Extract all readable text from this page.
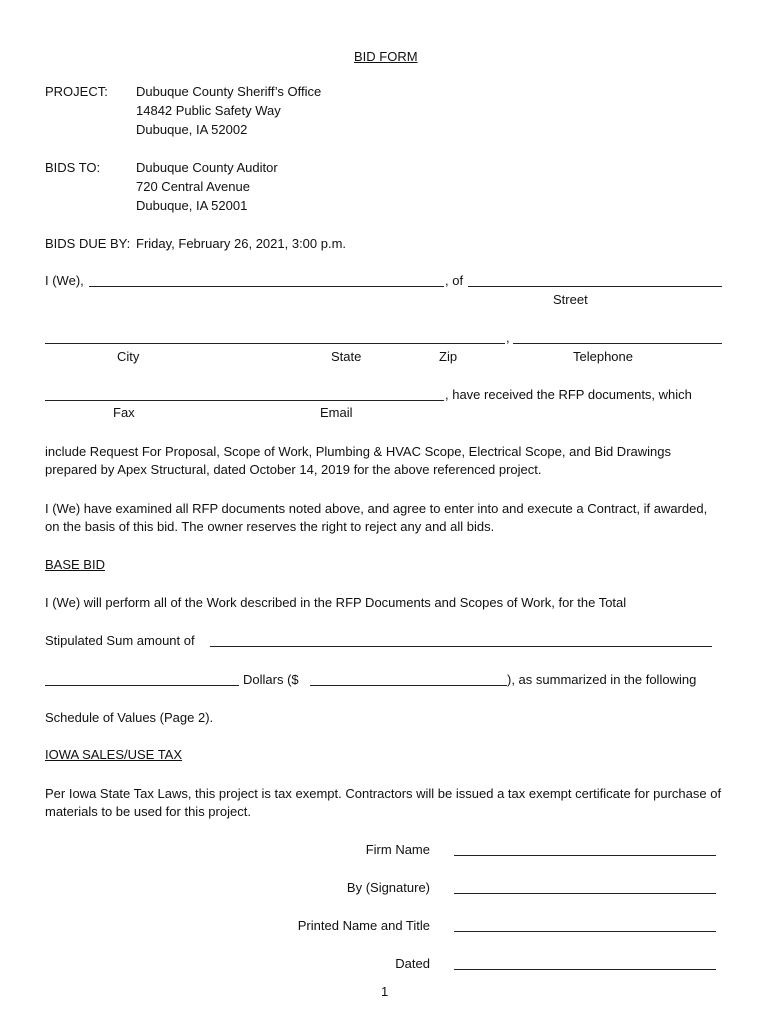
BID FORM
PROJECT: Dubuque County Sheriff’s Office
14842 Public Safety Way
Dubuque, IA 52002
BIDS TO:	Dubuque County Auditor
720 Central Avenue
Dubuque, IA 52001
BIDS DUE BY: Friday, February 26, 2021, 3:00 p.m.
I (We),	, of
Street
,
City	State	Zip	Telephone
, have received the RFP documents, which
Fax	Email
include Request For Proposal, Scope of Work, Plumbing & HVAC Scope, Electrical Scope, and Bid Drawings prepared by Apex Structural, dated October 14, 2019 for the above referenced project.
I (We) have examined all RFP documents noted above, and agree to enter into and execute a Contract, if awarded, on the basis of this bid. The owner reserves the right to reject any and all bids.
BASE BID
I (We) will perform all of the Work described in the RFP Documents and Scopes of Work, for the Total
Stipulated Sum amount of
Dollars ($	), as summarized in the following
Schedule of Values (Page 2).
IOWA SALES/USE TAX
Per Iowa State Tax Laws, this project is tax exempt. Contractors will be issued a tax exempt certificate for purchase of materials to be used for this project.
Firm Name
By (Signature)
Printed Name and Title
Dated
1
